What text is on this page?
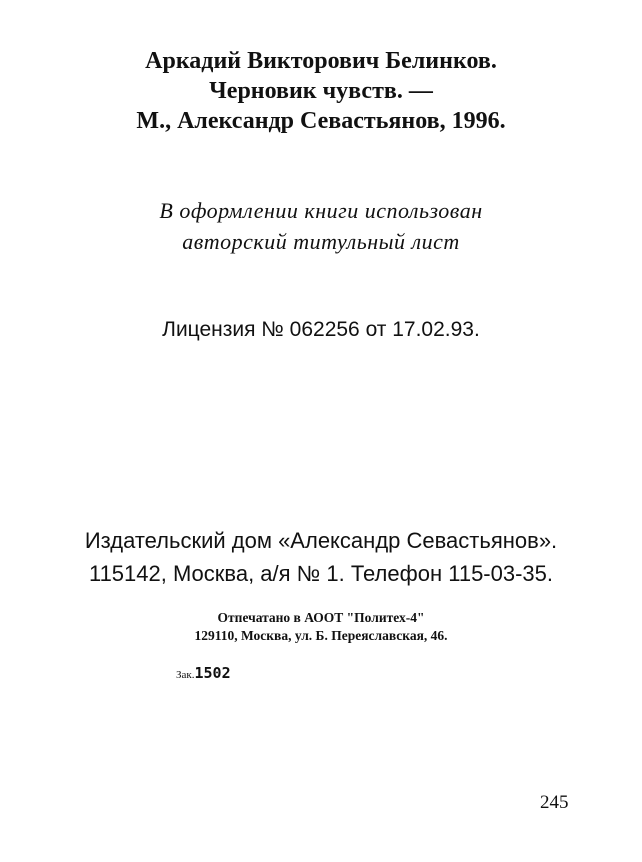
Аркадий Викторович Белинков.
Черновик чувств. —
М., Александр Севастьянов, 1996.
В оформлении книги использован
авторский титульный лист
Лицензия № 062256 от 17.02.93.
Издательский дом «Александр Севастьянов».
115142, Москва, а/я № 1. Телефон 115-03-35.
Отпечатано в АООТ "Политех-4"
129110, Москва, ул. Б. Переяславская, 46.
Зак.1502
245
